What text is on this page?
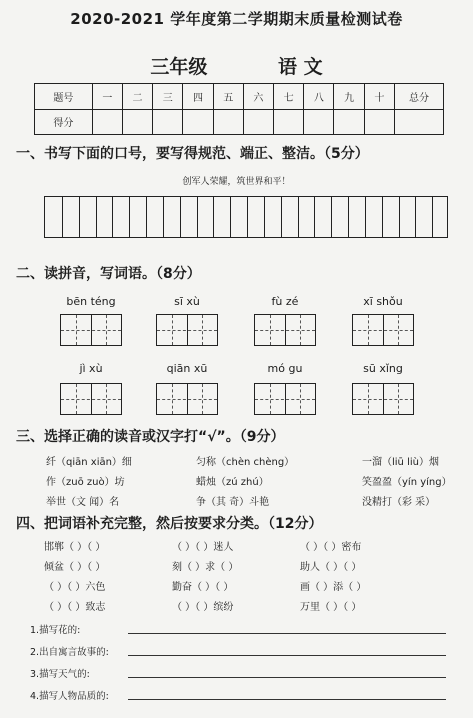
2020-2021 学年度第二学期期末质量检测试卷
三年级	语 文
题号	一	二	三	四	五	六	七	八	九	十	总分
得分											
一、书写下面的口号，要写得规范、端正、整洁。（5分）
创军人荣耀，筑世界和平！
二、读拼音，写词语。（8分）
bēn téng	sī xù	fù zé	xī shǒu
jì xù	qiān xū	mó gu	sū xǐng
三、选择正确的读音或汉字打“√”。（9分）
纤（qiān xiān）细	匀称（chèn chèng）	一溜（liū liù）烟
作（zuō zuò）坊	蜡烛（zú zhú）	笑盈盈（yín yíng）
举世（文 闻）名	争（其 奇）斗艳	没精打（彩 采）
四、把词语补充完整，然后按要求分类。（12分）
邯郸（ ）（ ）	（ ）（ ）迷人	（ ）（ ）密布
倾盆（ ）（ ）	刻（ ）求（ ）	助人（ ）（ ）
（ ）（ ）六色	勤奋（ ）（ ）	画（ ）添（ ）
（ ）（ ）致志	（ ）（ ）缤纷	万里（ ）（ ）
1.描写花的:
2.出自寓言故事的:
3.描写天气的:
4.描写人物品质的:
